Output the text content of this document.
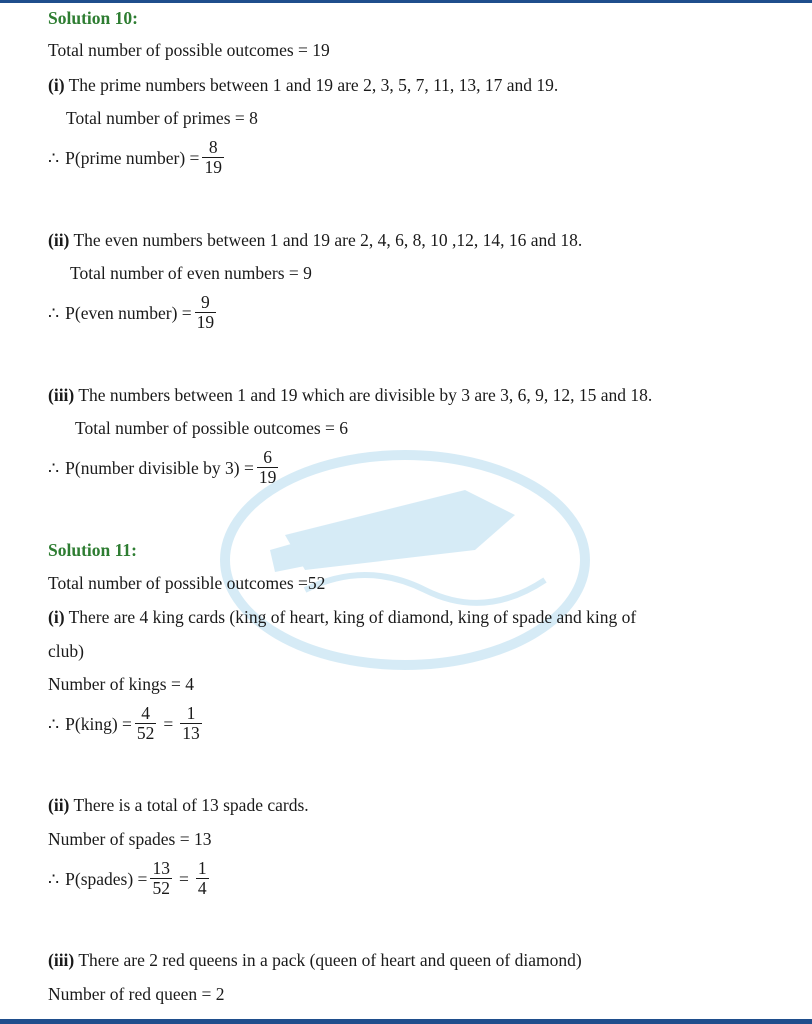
Solution 10:
Total number of possible outcomes = 19
(i) The prime numbers between 1 and 19 are 2, 3, 5, 7, 11, 13, 17 and 19.
Total number of primes = 8
∴ P(prime number) = $\frac{8}{19}$
(ii) The even numbers between 1 and 19 are 2, 4, 6, 8, 10 ,12, 14, 16 and 18.
Total number of even numbers = 9
∴ P(even number) = $\frac{9}{19}$
(iii) The numbers between 1 and 19 which are divisible by 3 are 3, 6, 9, 12, 15 and 18.
Total number of possible outcomes = 6
∴ P(number divisible by $3) = \frac{6}{19}$
Solution 11:
Total number of possible outcomes =52
(i) There are 4 king cards (king of heart, king of diamond, king of spade and king of
club)
Number of kings = 4
∴ P(king) = $\frac{4}{52} = \frac{1}{13}$
(ii) There is a total of 13 spade cards.
Number of spades = 13
∴ P(spades) = $\frac{13}{52} = \frac{1}{4}$
(iii) There are 2 red queens in a pack (queen of heart and queen of diamond)
Number of red queen = 2
